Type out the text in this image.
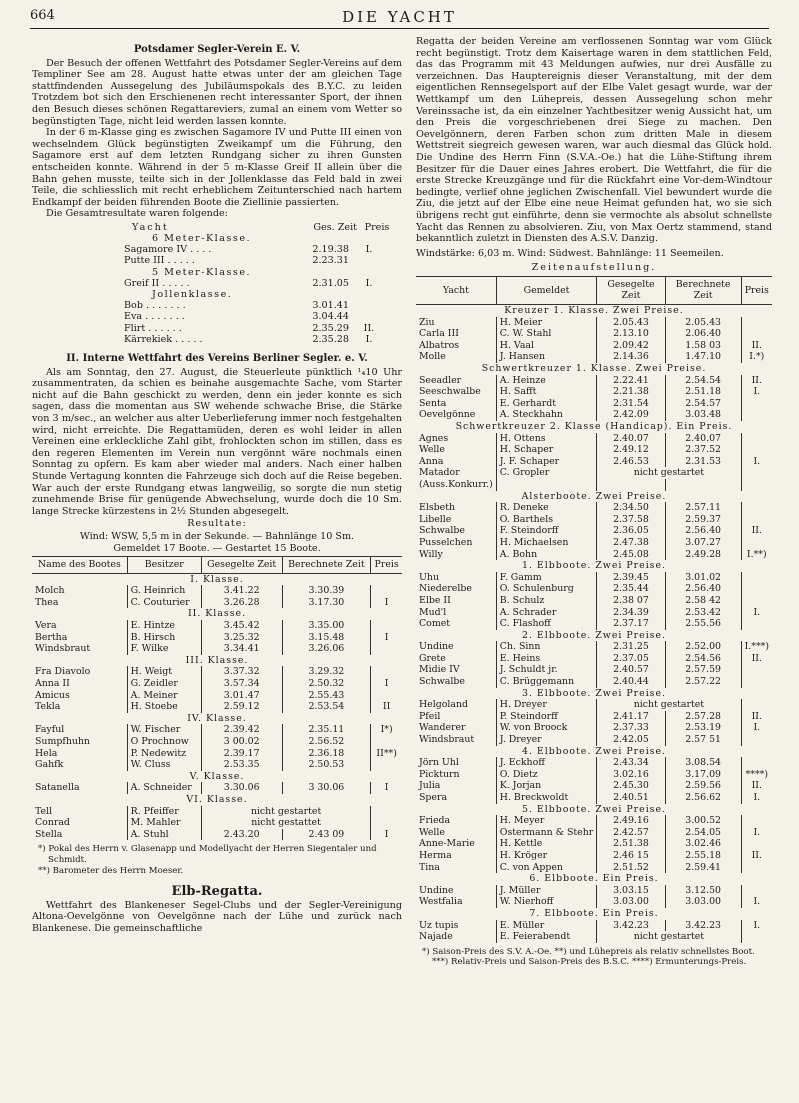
664	DIE YACHT
Potsdamer Segler-Verein E. V.

Der Besuch der offenen Wettfahrt des Potsdamer Segler-Vereins auf dem Templiner See am 28. August hatte etwas unter der am gleichen Tage stattfindenden Aussegelung des Jubiläumspokals des B.Y.C. zu leiden Trotzdem bot sich den Erschienenen recht interessanter Sport, der ihnen den Besuch dieses schönen Regattareviers, zumal an einem vom Wetter so begünstigten Tage, nicht leid werden lassen konnte.

In der 6 m-Klasse ging es zwischen Sagamore IV und Putte III einen von wechselndem Glück begünstigten Zweikampf um die Führung, den Sagamore erst auf dem letzten Rundgang sicher zu ihren Gunsten entscheiden konnte. Während in der 5 m-Klasse Greif II allein über die Bahn gehen musste, teilte sich in der Jollenklasse das Feld bald in zwei Teile, die schliesslich mit recht erheblichem Zeitunterschied nach hartem Endkampf der beiden führenden Boote die Ziellinie passierten.

Die Gesamtresultate waren folgende:

Yacht	Ges. Zeit Preis
6 Meter-Klasse.
Sagamore IV . . . .	2.19.38	I.
Putte III . . . . .	2.23.31
5 Meter-Klasse.
Greif II . . . . .	2.31.05	I.
Jollenklasse.
Bob . . . . . . .	3.01.41
Eva . . . . . . .	3.04.44
Flirt . . . . . .	2.35.29	II.
Kärrekiek . . . . .	2.35.28	I.
II. Interne Wettfahrt des Vereins Berliner Segler. e. V.

Als am Sonntag, den 27. August, die Steuerleute pünktlich ¹₄10 Uhr zusammentraten, da schien es beinahe ausgemachte Sache, vom Starter nicht auf die Bahn geschickt zu werden, denn ein jeder konnte es sich sagen, dass die momentan aus SW wehende schwache Brise, die Stärke von 3 m/sec., an welcher aus alter Ueberlieferung immer noch festgehalten wird, nicht erreichte. Die Regattamüden, deren es wohl leider in allen Vereinen eine erkleckliche Zahl gibt, frohlockten schon im stillen, dass es den regeren Elementen im Verein nun vergönnt wäre nochmals einen Sonntag zu opfern. Es kam aber wieder mal anders. Nach einer halben Stunde Vertagung konnten die Fahrzeuge sich doch auf die Reise begeben. War auch der erste Rundgang etwas langweilig, so sorgte die nun stetig zunehmende Brise für genügende Abwechselung, wurde doch die 10 Sm. lange Strecke kürzestens in 2½ Stunden abgesegelt.

Resultate:
Wind: WSW, 5,5 m in der Sekunde. — Bahnlänge 10 Sm.
Gemeldet 17 Boote. — Gestartet 15 Boote.
Name des Bootes	Besitzer	Gesegelte Zeit	Berechnete Zeit	Preis
I. Klasse.				
Molch	G. Heinrich	3.41.22	3.30.39	
Thea	C. Couturier	3.26.28	3.17.30	I
II. Klasse.				
Vera	E. Hintze	3.45.42	3.35.00	
Bertha	B. Hirsch	3.25.32	3.15.48	I
Windsbraut	F. Wilke	3.34.41	3.26.06	
III. Klasse.				
Fra Diavolo	H. Weigt	3.37.32	3.29.32	
Anna II	G. Zeidler	3.57.34	2.50.32	I
Amicus	A. Meiner	3.01.47	2.55.43	
Tekla	H. Stoebe	2.59.12	2.53.54	II
IV. Klasse.				
Fayful	W. Fischer	2.39.42	2.35.11	I*)
Sumpfhuhn	O Prochnow	3 00.02	2.56.52	
Hela	P. Nedewitz	2.39.17	2.36.18	II**)
Gahfk	W. Cluss	2.53.35	2.50.53	
V. Klasse.				
Satanella	A. Schneider	3.30.06	3 30.06	I
VI. Klasse.				
Tell	R. Pfeiffer	nicht gestartet		
Conrad	M. Mahler	nicht gestattet		
Stella	A. Stuhl	2.43.20	2.43 09	I
*) Pokal des Herrn v. Glasenapp und Modellyacht der Herren Siegentaler und Schmidt.
**) Barometer des Herrn Moeser.
Elb-Regatta.

Wettfahrt des Blankeneser Segel-Clubs und der Segler-Vereinigung Altona-Oevelgönne von Oevelgönne nach der Lühe und zurück nach Blankenese. Die gemeinschaftliche

Regatta der beiden Vereine am verflossenen Sonntag war vom Glück recht begünstigt. Trotz dem Kaisertage waren in dem stattlichen Feld, das das Programm mit 43 Meldungen aufwies, nur drei Ausfälle zu verzeichnen. Das Hauptereignis dieser Veranstaltung, mit der dem eigentlichen Rennsegelsport auf der Elbe Valet gesagt wurde, war der Wettkampf um den Lühepreis, dessen Aussegelung schon mehr Vereinssache ist, da ein einzelner Yachtbesitzer wenig Aussicht hat, um den Preis die vorgeschriebenen drei Siege zu machen. Den Oevelgönnern, deren Farben schon zum dritten Male in diesem Wettstreit siegreich gewesen waren, war auch diesmal das Glück hold. Die Undine des Herrn Finn (S.V.A.-Oe.) hat die Lühe-Stiftung ihrem Besitzer für die Dauer eines Jahres erobert. Die Wettfahrt, die für die erste Strecke Kreuzgänge und für die Rückfahrt eine Vor-dem-Windtour bedingte, verlief ohne jeglichen Zwischenfall. Viel bewundert wurde die Ziu, die jetzt auf der Elbe eine neue Heimat gefunden hat, wo sie sich übrigens recht gut einführte, denn sie vermochte als absolut schnellste Yacht das Rennen zu absolvieren. Ziu, von Max Oertz stammend, stand bekanntlich zuletzt in Diensten des A.S.V. Danzig.

Windstärke: 6,03 m. Wind: Südwest. Bahnlänge: 11 Seemeilen.
Zeitenaufstellung.
Yacht	Gemeldet	Gesegelte Zeit	Berechnete Zeit	Preis
Kreuzer 1. Klasse. Zwei Preise.				
Ziu	H. Meier	2.05.43	2.05.43	
Carla III	C. W. Stahl	2.13.10	2.06.40	
Albatros	H. Vaal	2.09.42	1.58 03	II.
Molle	J. Hansen	2.14.36	1.47.10	I.*)
Schwertkreuzer 1. Klasse. Zwei Preise.				
Seeadler	A. Heinze	2.22.41	2.54.54	II.
Seeschwalbe	H. Safft	2.21.38	2.51.18	I.
Senta	E. Gerhardt	2.31.54	2.54.57	
Oevelgönne	A. Steckhahn	2.42.09	3.03.48	
Schwertkreuzer 2. Klasse (Handicap). Ein Preis.				
Agnes	H. Ottens	2.40.07	2.40.07	
Welle	H. Schaper	2.49.12	2.37.52	
Anna	J. F. Schaper	2.46.53	2.31.53	I.
Matador	C. Gropler	nicht gestartet		
(Auss.Konkurr.)				
Alsterboote. Zwei Preise.				
Elsbeth	R. Deneke	2.34.50	2.57.11	
Libelle	O. Barthels	2.37.58	2.59.37	
Schwalbe	F. Steindorff	2.36.05	2.56.40	II.
Pusselchen	H. Michaelsen	2.47.38	3.07.27	
Willy	A. Bohn	2.45.08	2.49.28	I.**)
1. Elbboote. Zwei Preise.				
Uhu	F. Gamm	2.39.45	3.01.02	
Niederelbe	O. Schulenburg	2.35.44	2.56.40	
Elbe II	B. Schulz	2.38 07	2.58 42	
Mud'l	A. Schrader	2.34.39	2.53.42	I.
Comet	C. Flashoff	2.37.17	2.55.56	
2. Elbboote. Zwei Preise.				
Undine	Ch. Sinn	2.31.25	2.52.00	I.***)
Grete	E. Heins	2.37.05	2.54.56	II.
Midie IV	J. Schuldt jr.	2.40.57	2.57.59	
Schwalbe	C. Brüggemann	2.40.44	2.57.22	
3. Elbboote. Zwei Preise.				
Helgoland	H. Dreyer	nicht gestartet		
Pfeil	P. Steindorff	2.41.17	2.57.28	II.
Wanderer	W. von Broock	2.37.33	2.53.19	I.
Windsbraut	J. Dreyer	2.42.05	2.57 51	
4. Elbboote. Zwei Preise.				
Jörn Uhl	J. Eckhoff	2.43.34	3.08.54	
Pickturn	O. Dietz	3.02.16	3.17.09	****)
Julia	K. Jorjan	2.45.30	2.59.56	II.
Spera	H. Breckwoldt	2.40.51	2.56.62	I.
5. Elbboote. Zwei Preise.				
Frieda	H. Meyer	2.49.16	3.00.52	
Welle	Ostermann & Stehr	2.42.57	2.54.05	I.
Anne-Marie	H. Kettle	2.51.38	3.02.46	
Herma	H. Kröger	2.46 15	2.55.18	II.
Tina	C. von Appen	2.51.52	2.59.41	
6. Elbboote. Ein Preis.				
Undine	J. Müller	3.03.15	3.12.50	
Westfalia	W. Nierhoff	3.03.00	3.03.00	I.
7. Elbboote. Ein Preis.				
Uz tupis	E. Müller	3.42.23	3.42.23	I.
Najade	E. Feierabendt	nicht gestartet		
*) Saison-Preis des S.V. A.-Oe. **) und Lühepreis als relativ schnellstes Boot. ***) Relativ-Preis und Saison-Preis des B.S.C. ****) Ermunterungs-Preis.
